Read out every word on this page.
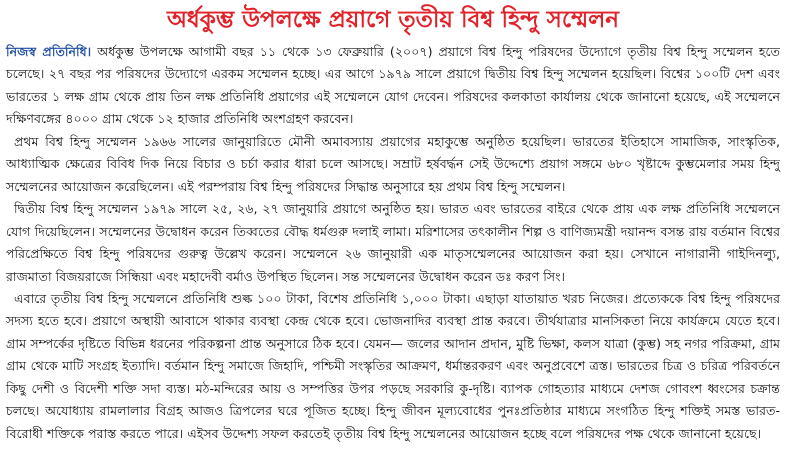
অর্ধকুম্ভ উপলক্ষে প্রয়াগে তৃতীয় বিশ্ব হিন্দু সম্মেলন

নিজস্ব প্রতিনিধি। অর্ধকুম্ভ উপলক্ষে আগামী বছর ১১ থেকে ১৩ ফেব্রুয়ারি (২০০৭) প্রয়াগে বিশ্ব হিন্দু পরিষদের উদ্যোগে তৃতীয় বিশ্ব হিন্দু সম্মেলন হতে চলেছে। ২৭ বছর পর পরিষদের উদ্যোগে এরকম সম্মেলন হচ্ছে। এর আগে ১৯৭৯ সালে প্রয়াগে দ্বিতীয় বিশ্ব হিন্দু সম্মেলন হয়েছিল। বিশ্বের ১০০টি দেশ এবং ভারতের ১ লক্ষ গ্রাম থেকে প্রায় তিন লক্ষ প্রতিনিধি প্রয়াগের এই সম্মেলনে যোগ দেবেন। পরিষদের কলকাতা কার্যালয় থেকে জানানো হয়েছে, এই সম্মেলনে দক্ষিণবঙ্গের ৪০০০ গ্রাম থেকে ১২ হাজার প্রতিনিধি অংশগ্রহণ করবেন।

প্রথম বিশ্ব হিন্দু সম্মেলন ১৯৬৬ সালের জানুয়ারিতে মৌনী অমাবস্যায় প্রয়াগের মহাকুম্ভে অনুষ্ঠিত হয়েছিল। ভারতের ইতিহাসে সামাজিক, সাংস্কৃতিক, আধ্যাত্মিক ক্ষেত্রের বিবিধ দিক নিয়ে বিচার ও চর্চা করার ধারা চলে আসছে। সম্রাট হর্ষবর্দ্ধন সেই উদ্দেশ্যে প্রয়াগ সঙ্গমে ৬৮০ খৃষ্টাব্দে কুম্ভমেলার সময় হিন্দু সম্মেলনের আয়োজন করেছিলেন। এই পরম্পরায় বিশ্ব হিন্দু পরিষদের সিদ্ধান্ত অনুসারে হয় প্রথম বিশ্ব হিন্দু সম্মেলন।

দ্বিতীয় বিশ্ব হিন্দু সম্মেলন ১৯৭৯ সালে ২৫, ২৬, ২৭ জানুয়ারি প্রয়াগে অনুষ্ঠিত হয়। ভারত এবং ভারতের বাইরে থেকে প্রায় এক লক্ষ প্রতিনিধি সম্মেলনে যোগ দিয়েছিলেন। সম্মেলনের উদ্বোধন করেন তিব্বতের বৌদ্ধ ধর্মগুরু দলাই লামা। মরিশাসের তৎকালীন শিল্প ও বাণিজ্যমন্ত্রী দয়ানন্দ বসন্ত রায় বর্তমান বিশ্বের পরিপ্রেক্ষিতে বিশ্ব হিন্দু পরিষদের গুরুত্ব উল্লেখ করেন। সম্মেলনে ২৬ জানুয়ারী এক মাতৃসম্মেলনের আয়োজন করা হয়। সেখানে নাগারানী গাইদিনল্যু, রাজমাতা বিজয়রাজে সিন্ধিয়া এবং মহাদেবী বর্মাও উপস্থিত ছিলেন। সন্ত সম্মেলনের উদ্বোধন করেন ডঃ করণ সিং।

এবারে তৃতীয় বিশ্ব হিন্দু সম্মেলনে প্রতিনিধি শুল্ক ১০০ টাকা, বিশেষ প্রতিনিধি ১,০০০ টাকা। এছাড়া যাতায়াত খরচ নিজের। প্রত্যেককে বিশ্ব হিন্দু পরিষদের সদস্য হতে হবে। প্রয়াগে অস্থায়ী আবাসে থাকার ব্যবস্থা কেন্দ্র থেকে হবে। ভোজনাদির ব্যবস্থা প্রান্ত করবে। তীর্থযাত্রার মানসিকতা নিয়ে কার্যক্রমে যেতে হবে। গ্রাম সম্পর্কের দৃষ্টিতে বিভিন্ন ধরনের পরিকল্পনা প্রান্ত অনুসারে ঠিক হবে। যেমন— জলের আদান প্রদান, মুষ্টি ভিক্ষা, কলস যাত্রা (কুম্ভ) সহ নগর পরিক্রমা, গ্রাম গ্রাম থেকে মাটি সংগ্রহ ইত্যাদি। বর্তমান হিন্দু সমাজে জিহাদি, পশ্চিমী সংস্কৃতির আক্রমণ, ধর্মান্তরকরণ এবং অনুপ্রবেশে ত্রস্ত। ভারতের চিত্র ও চরিত্র পরিবর্তনে কিছু দেশী ও বিদেশী শক্তি সদা ব্যস্ত। মঠ-মন্দিরের আয় ও সম্পত্তির উপর পড়ছে সরকারি কু-দৃষ্টি। ব্যাপক গোহত্যার মাধ্যমে দেশজ গোবংশ ধ্বংসের চক্রান্ত চলছে। অযোধ্যায় রামলালার বিগ্রহ আজও ত্রিপলের ঘরে পূজিত হচ্ছে। হিন্দু জীবন মূল্যবোধের পুনঃপ্রতিষ্ঠার মাধ্যমে সংগঠিত হিন্দু শক্তিই সমস্ত ভারত-বিরোধী শক্তিকে পরাস্ত করতে পারে। এইসব উদ্দেশ্য সফল করতেই তৃতীয় বিশ্ব হিন্দু সম্মেলনের আয়োজন হচ্ছে বলে পরিষদের পক্ষ থেকে জানানো হয়েছে।
